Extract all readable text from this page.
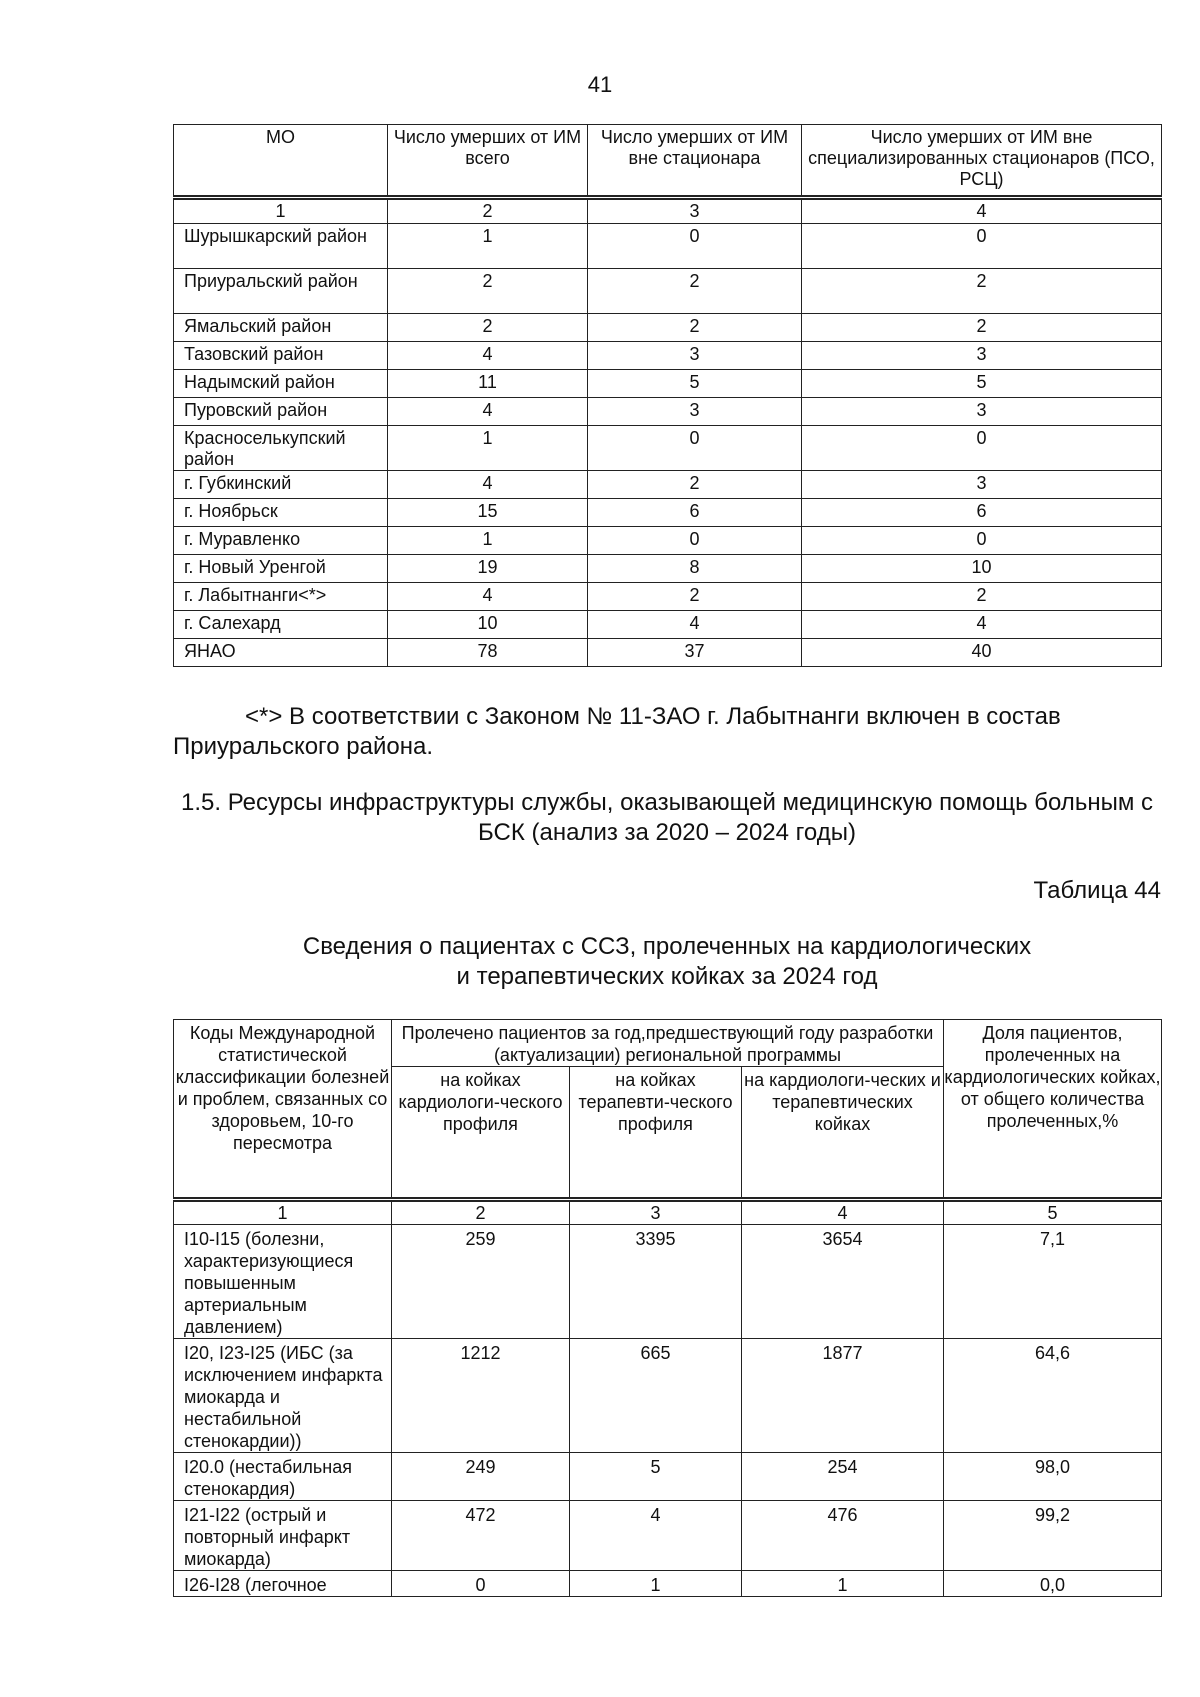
41
МО	Число умерших от ИМ всего	Число умерших от ИМ вне стационара	Число умерших от ИМ вне специализированных стационаров (ПСО, РСЦ)
1	2	3	4
Шурышкарский район	1	0	0
Приуральский район	2	2	2
Ямальский район	2	2	2
Тазовский район	4	3	3
Надымский район	11	5	5
Пуровский район	4	3	3
Красноселькупский район	1	0	0
г. Губкинский	4	2	3
г. Ноябрьск	15	6	6
г. Муравленко	1	0	0
г. Новый Уренгой	19	8	10
г. Лабытнанги<*>	4	2	2
г. Салехард	10	4	4
ЯНАО	78	37	40
<*> В соответствии с Законом № 11-ЗАО г. Лабытнанги включен в состав Приуральского района.
1.5. Ресурсы инфраструктуры службы, оказывающей медицинскую помощь больным с БСК (анализ за 2020 – 2024 годы)
Таблица 44
Сведения о пациентах с ССЗ, пролеченных на кардиологических
и терапевтических койках за 2024 год
Коды Международной статистической классификации болезней и проблем, связанных со здоровьем, 10-го пересмотра	Пролечено пациентов за год,предшествующий году разработки (актуализации) региональной программы			Доля пациентов, пролеченных на кардиологических койках, от общего количества пролеченных,%
	на койках кардиологи-ческого профиля	на койках терапевти-ческого профиля	на кардиологи-ческих и терапевтических койках	
1	2	3	4	5
I10-I15 (болезни, характеризующиеся повышенным артериальным давлением)	259	3395	3654	7,1
I20, I23-I25 (ИБС (за исключением инфаркта миокарда и нестабильной стенокардии))	1212	665	1877	64,6
I20.0 (нестабильная стенокардия)	249	5	254	98,0
I21-I22 (острый и повторный инфаркт миокарда)	472	4	476	99,2
I26-I28 (легочное	0	1	1	0,0
